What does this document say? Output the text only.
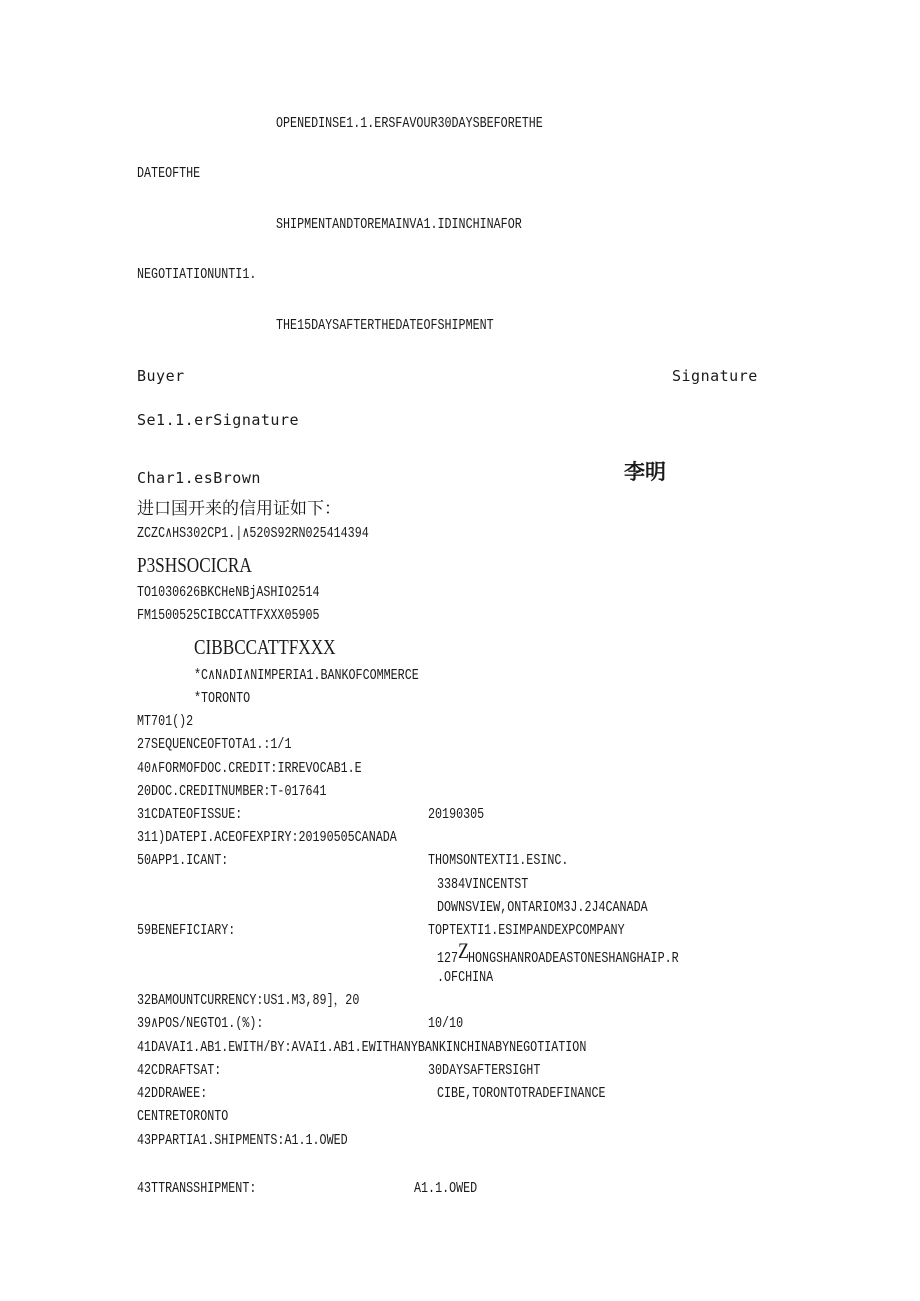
OPENEDINSE1.1.ERSFAVOUR30DAYSBEFORETHE
DATEOFTHE
SHIPMENTANDTOREMAINVA1.IDINCHINAFOR
NEGOTIATIONUNTI1.
THE15DAYSAFTERTHEDATEOFSHIPMENT
Buyer	Signature
Se1.1.erSignature
Char1.esBrown	李明
进口国开来的信用证如下：
ZCZC∧HS302CP1.|∧520S92RN025414394
P3SHSOCICRA
TO1030626BKCHeNBjASHIO2514
FM1500525CIBCCATTFXXX05905
CIBBCCATTFXXX
*C∧N∧DI∧NIMPERIA1.BANKOFCOMMERCE
*TORONTO
MT701()2
27SEQUENCEOFTOTA1.:1/1
40∧FORMOFDOC.CREDIT:IRREVOCAB1.E
20DOC.CREDITNUMBER:T-017641
31CDATEOFISSUE:	20190305
311)DATEPI.ACEOFEXPIRY:20190505CANADA
50APP1.ICANT:	THOMSONTEXTI1.ESINC.
3384VINCENTST
DOWNSVIEW,ONTARIOM3J.2J4CANADA
59BENEFICIARY:	TOPTEXTI1.ESIMPANDEXPCOMPANY
127ZHONGSHANROADEASTONESHANGHAIP.R
.OFCHINA
32BAMOUNTCURRENCY:US1.M3,89]，20
39∧POS/NEGTO1.(%):	10/10
41DAVAI1.AB1.EWITH/BY:AVAI1.AB1.EWITHANYBANKINCHINABYNEGOTIATION
42CDRAFTSAT:	30DAYSAFTERSIGHT
42DDRAWEE:	CIBE,TORONTOTRADEFINANCE
CENTRETORONTO
43PPARTIA1.SHIPMENTS:A1.1.OWED
43TTRANSSHIPMENT:	A1.1.OWED
